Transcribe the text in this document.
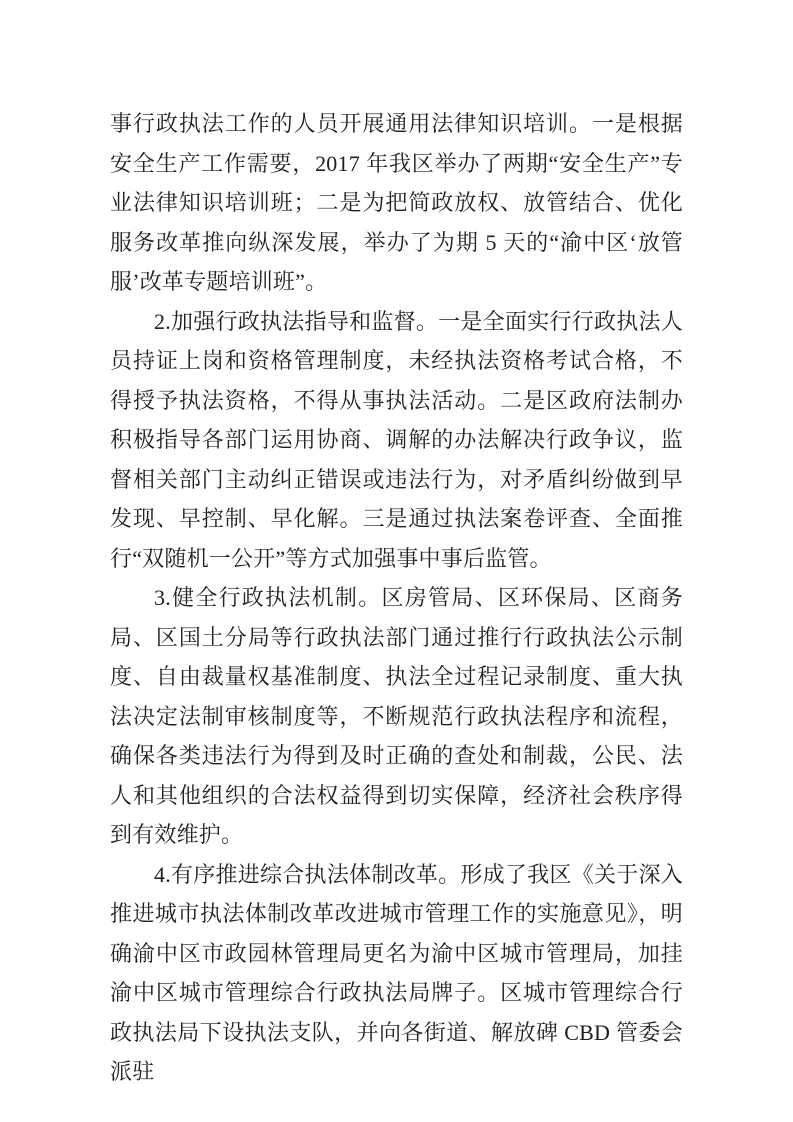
事行政执法工作的人员开展通用法律知识培训。一是根据安全生产工作需要，2017 年我区举办了两期“安全生产”专业法律知识培训班；二是为把简政放权、放管结合、优化服务改革推向纵深发展，举办了为期 5 天的“渝中区‘放管服’改革专题培训班”。

2.加强行政执法指导和监督。一是全面实行行政执法人员持证上岗和资格管理制度，未经执法资格考试合格，不得授予执法资格，不得从事执法活动。二是区政府法制办积极指导各部门运用协商、调解的办法解决行政争议，监督相关部门主动纠正错误或违法行为，对矛盾纠纷做到早发现、早控制、早化解。三是通过执法案卷评查、全面推行“双随机一公开”等方式加强事中事后监管。

3.健全行政执法机制。区房管局、区环保局、区商务局、区国土分局等行政执法部门通过推行行政执法公示制度、自由裁量权基准制度、执法全过程记录制度、重大执法决定法制审核制度等，不断规范行政执法程序和流程，确保各类违法行为得到及时正确的查处和制裁，公民、法人和其他组织的合法权益得到切实保障，经济社会秩序得到有效维护。

4.有序推进综合执法体制改革。形成了我区《关于深入推进城市执法体制改革改进城市管理工作的实施意见》，明确渝中区市政园林管理局更名为渝中区城市管理局，加挂渝中区城市管理综合行政执法局牌子。区城市管理综合行政执法局下设执法支队，并向各街道、解放碑 CBD 管委会派驻
